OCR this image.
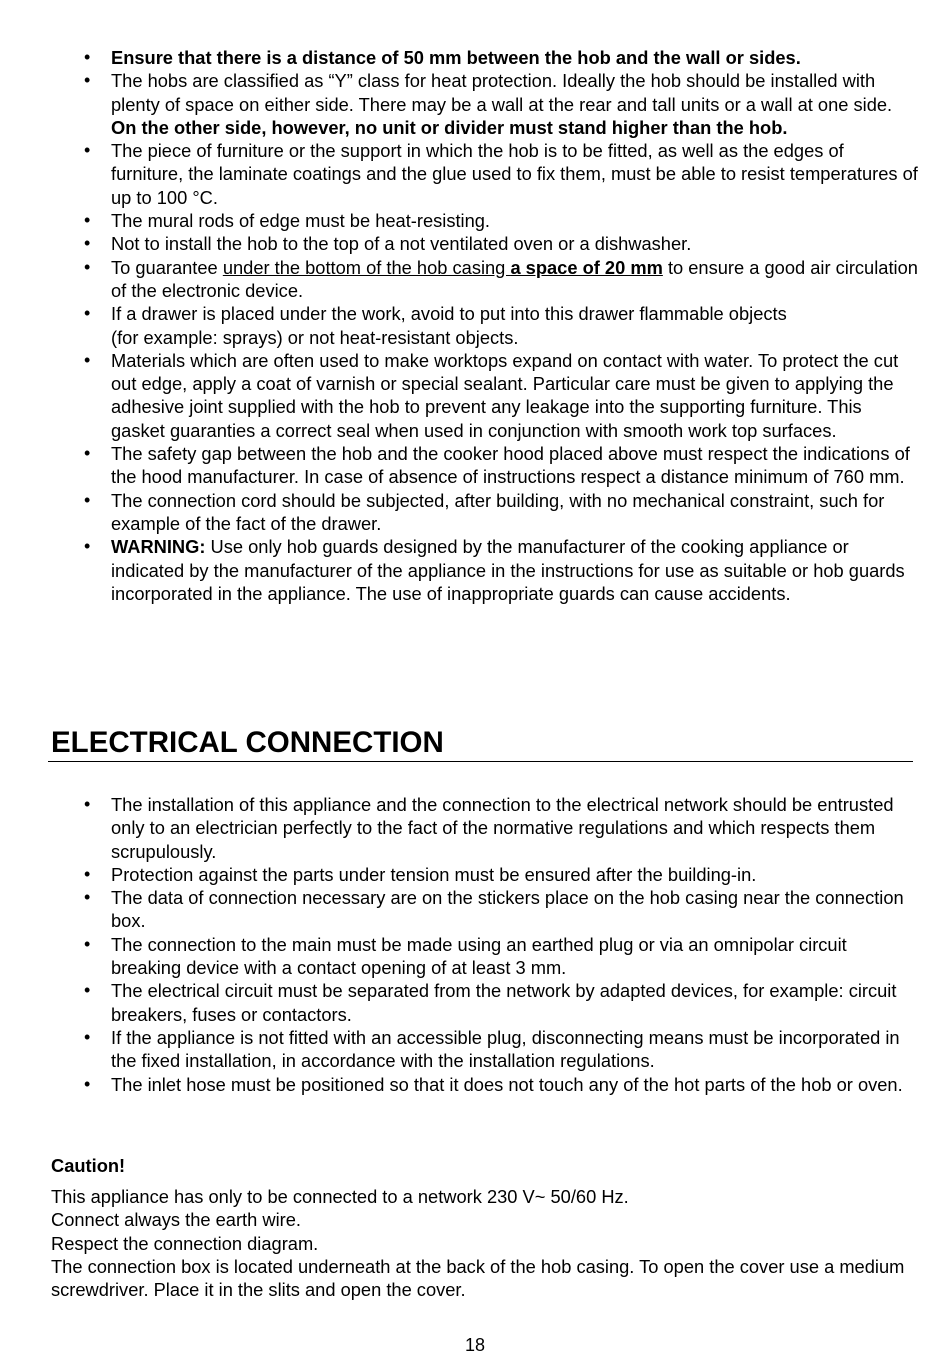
• Ensure that there is a distance of 50 mm between the hob and the wall or sides.
• The hobs are classified as “Y” class for heat protection. Ideally the hob should be installed with plenty of space on either side. There may be a wall at the rear and tall units or a wall at one side. On the other side, however, no unit or divider must stand higher than the hob.
• The piece of furniture or the support in which the hob is to be fitted, as well as the edges of furniture, the laminate coatings and the glue used to fix them, must be able to resist temperatures of up to 100 °C.
• The mural rods of edge must be heat-resisting.
• Not to install the hob to the top of a not ventilated oven or a dishwasher.
• To guarantee under the bottom of the hob casing a space of 20 mm to ensure a good air circulation of the electronic device.
• If a drawer is placed under the work, avoid to put into this drawer flammable objects
(for example: sprays) or not heat-resistant objects.
• Materials which are often used to make worktops expand on contact with water. To protect the cut out edge, apply a coat of varnish or special sealant. Particular care must be given to applying the adhesive joint supplied with the hob to prevent any leakage into the supporting furniture. This gasket guaranties a correct seal when used in conjunction with smooth work top surfaces.
• The safety gap between the hob and the cooker hood placed above must respect the indications of the hood manufacturer. In case of absence of instructions respect a distance minimum of 760 mm.
• The connection cord should be subjected, after building, with no mechanical constraint, such for example of the fact of the drawer.
• WARNING: Use only hob guards designed by the manufacturer of the cooking appliance or indicated by the manufacturer of the appliance in the instructions for use as suitable or hob guards incorporated in the appliance. The use of inappropriate guards can cause accidents.
ELECTRICAL CONNECTION
• The installation of this appliance and the connection to the electrical network should be entrusted only to an electrician perfectly to the fact of the normative regulations and which respects them scrupulously.
• Protection against the parts under tension must be ensured after the building-in.
• The data of connection necessary are on the stickers place on the hob casing near the connection box.
• The connection to the main must be made using an earthed plug or via an omnipolar circuit breaking device with a contact opening of at least 3 mm.
• The electrical circuit must be separated from the network by adapted devices, for example: circuit breakers, fuses or contactors.
• If the appliance is not fitted with an accessible plug, disconnecting means must be incorporated in the fixed installation, in accordance with the installation regulations.
• The inlet hose must be positioned so that it does not touch any of the hot parts of the hob or oven.

Caution!

This appliance has only to be connected to a network 230 V~ 50/60 Hz.
Connect always the earth wire.
Respect the connection diagram.
The connection box is located underneath at the back of the hob casing. To open the cover use a medium screwdriver. Place it in the slits and open the cover.

18
